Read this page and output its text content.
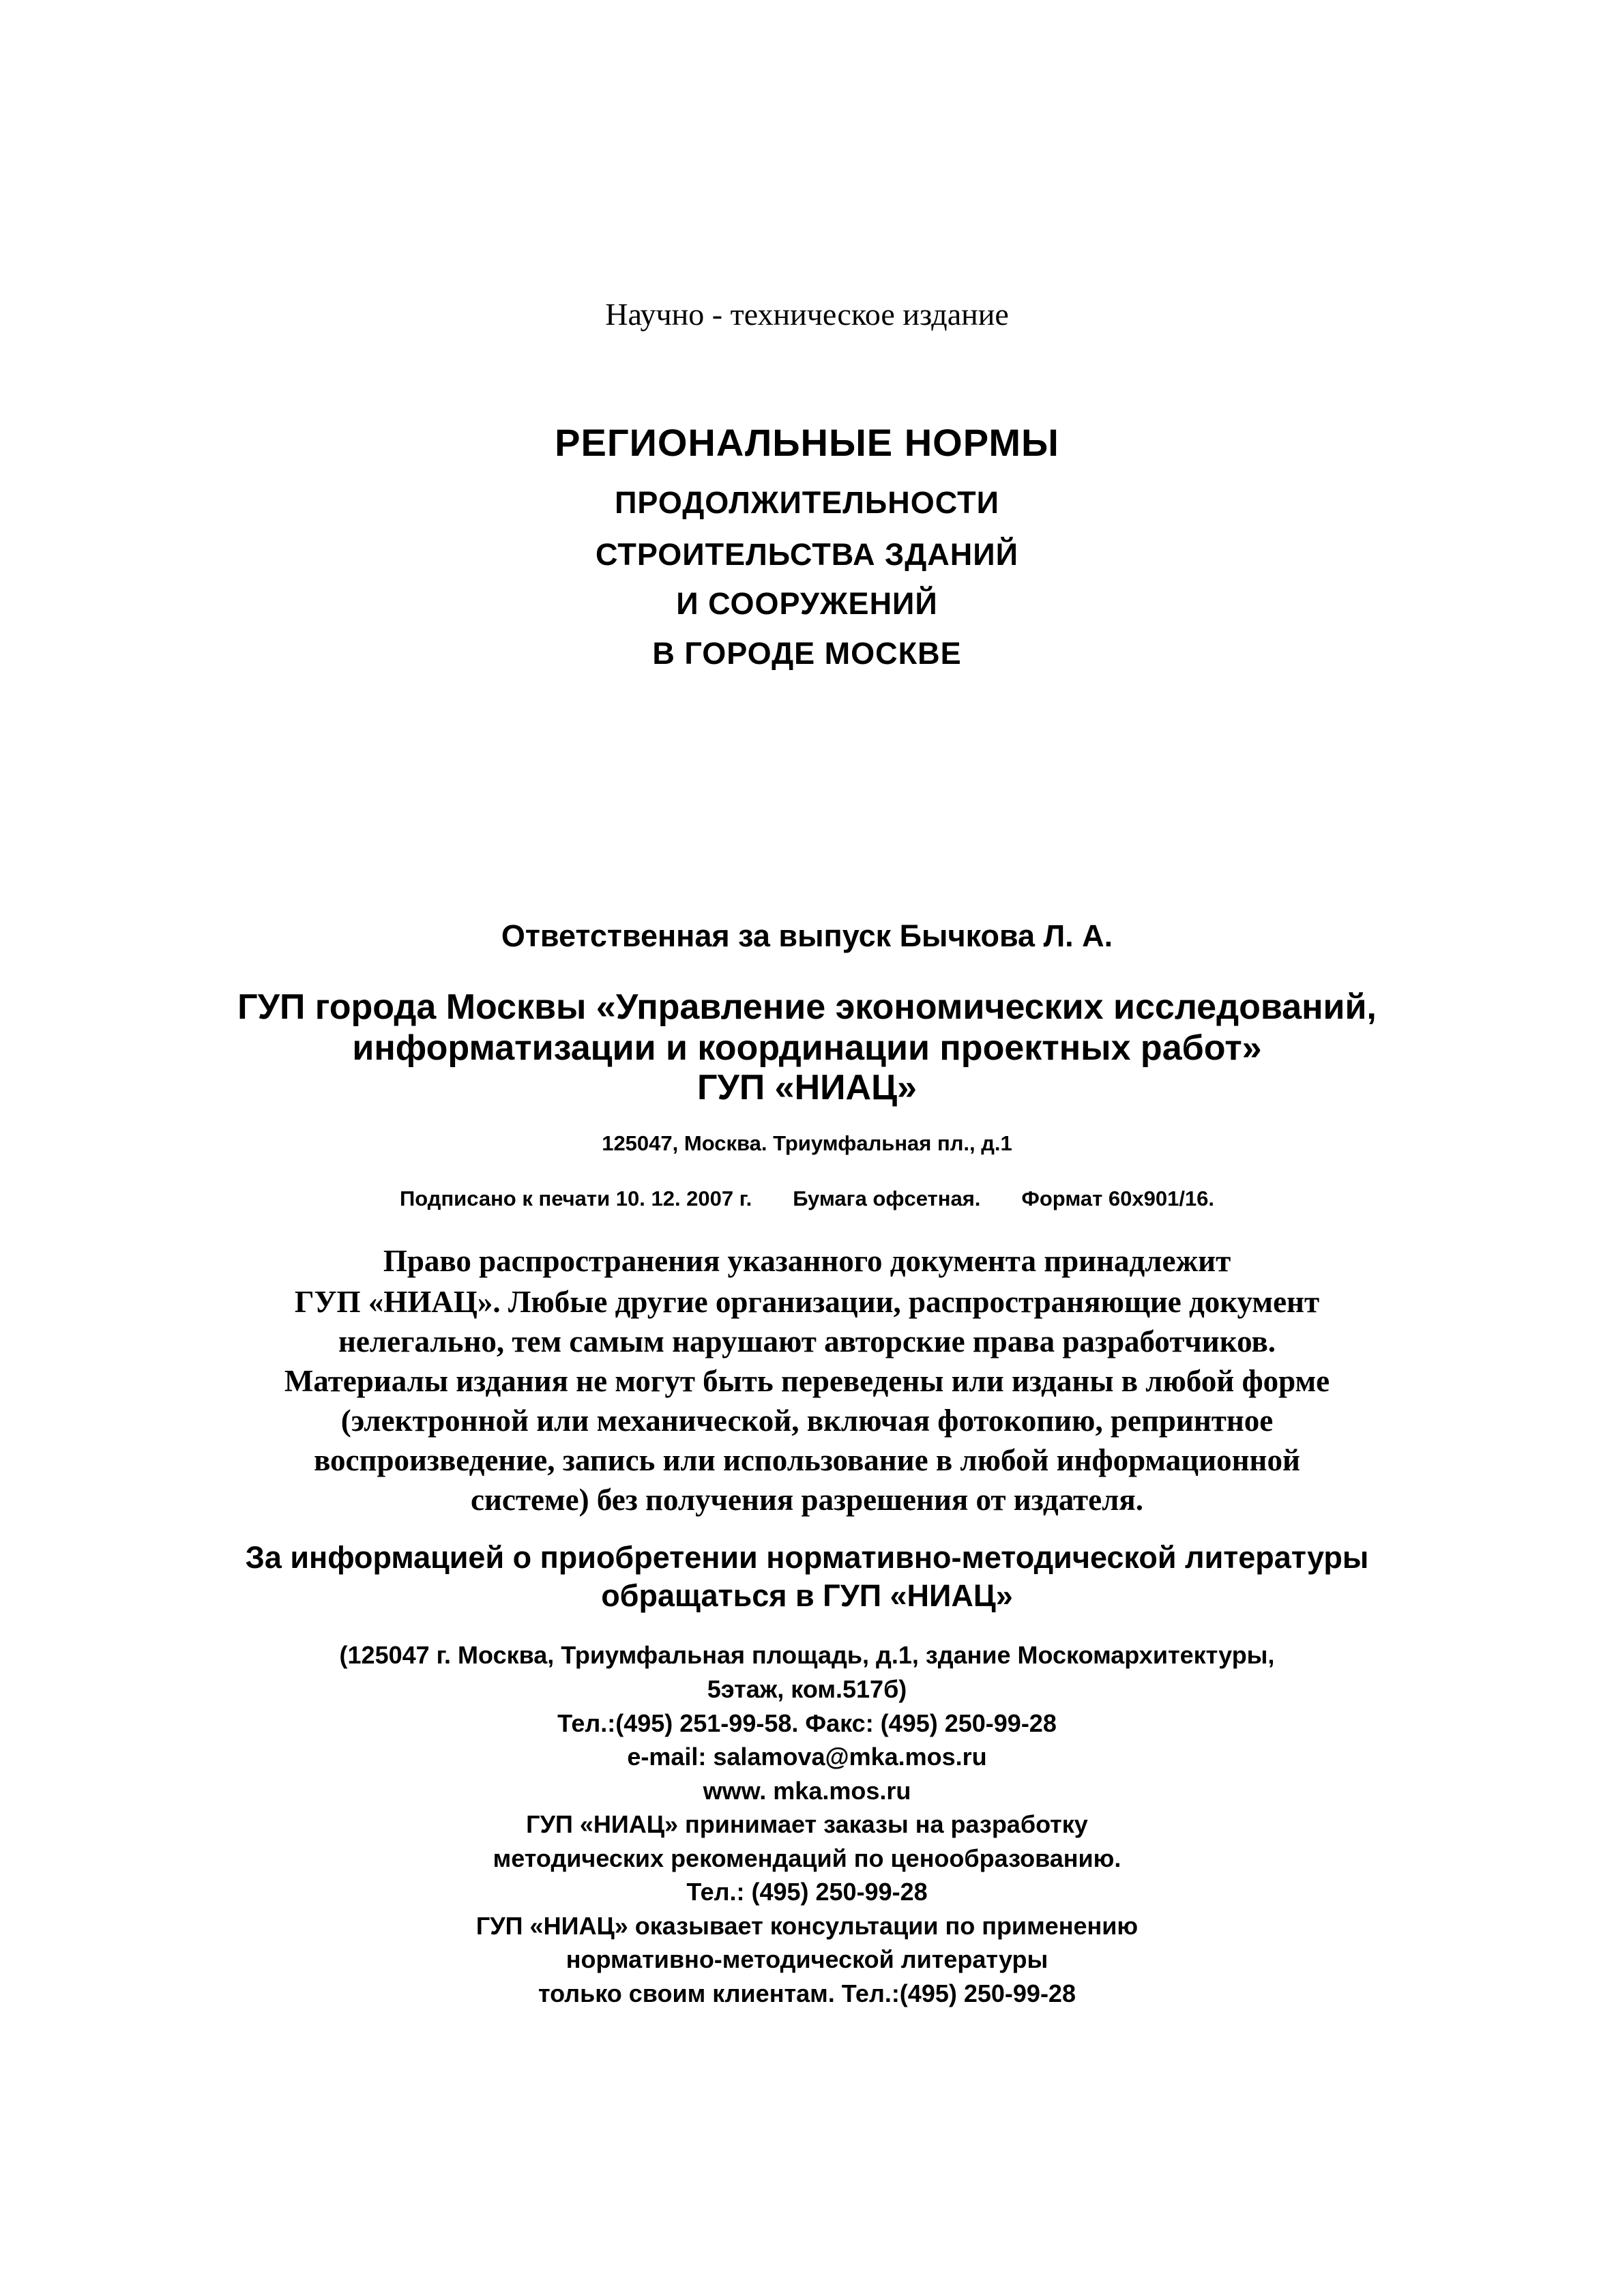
Научно - техническое издание
РЕГИОНАЛЬНЫЕ НОРМЫ
ПРОДОЛЖИТЕЛЬНОСТИ
СТРОИТЕЛЬСТВА ЗДАНИЙ
И СООРУЖЕНИЙ
В ГОРОДЕ МОСКВЕ
Ответственная за выпуск Бычкова Л. А.
ГУП города Москвы «Управление экономических исследований,
информатизации и координации проектных работ»
ГУП «НИАЦ»
125047, Москва. Триумфальная пл., д.1
Подписано к печати 10. 12. 2007 г. Бумага офсетная. Формат 60х901/16.
Право распространения указанного документа принадлежит
ГУП «НИАЦ». Любые другие организации, распространяющие документ
нелегально, тем самым нарушают авторские права разработчиков.
Материалы издания не могут быть переведены или изданы в любой форме
(электронной или механической, включая фотокопию, репринтное
воспроизведение, запись или использование в любой информационной
системе) без получения разрешения от издателя.
За информацией о приобретении нормативно-методической литературы
обращаться в ГУП «НИАЦ»
(125047 г. Москва, Триумфальная площадь, д.1, здание Москомархитектуры,
5этаж, ком.517б)
Тел.:(495) 251-99-58. Факс: (495) 250-99-28
e-mail: salamova@mka.mos.ru
www. mka.mos.ru
ГУП «НИАЦ» принимает заказы на разработку
методических рекомендаций по ценообразованию.
Тел.: (495) 250-99-28
ГУП «НИАЦ» оказывает консультации по применению
нормативно-методической литературы
только своим клиентам. Тел.:(495) 250-99-28
